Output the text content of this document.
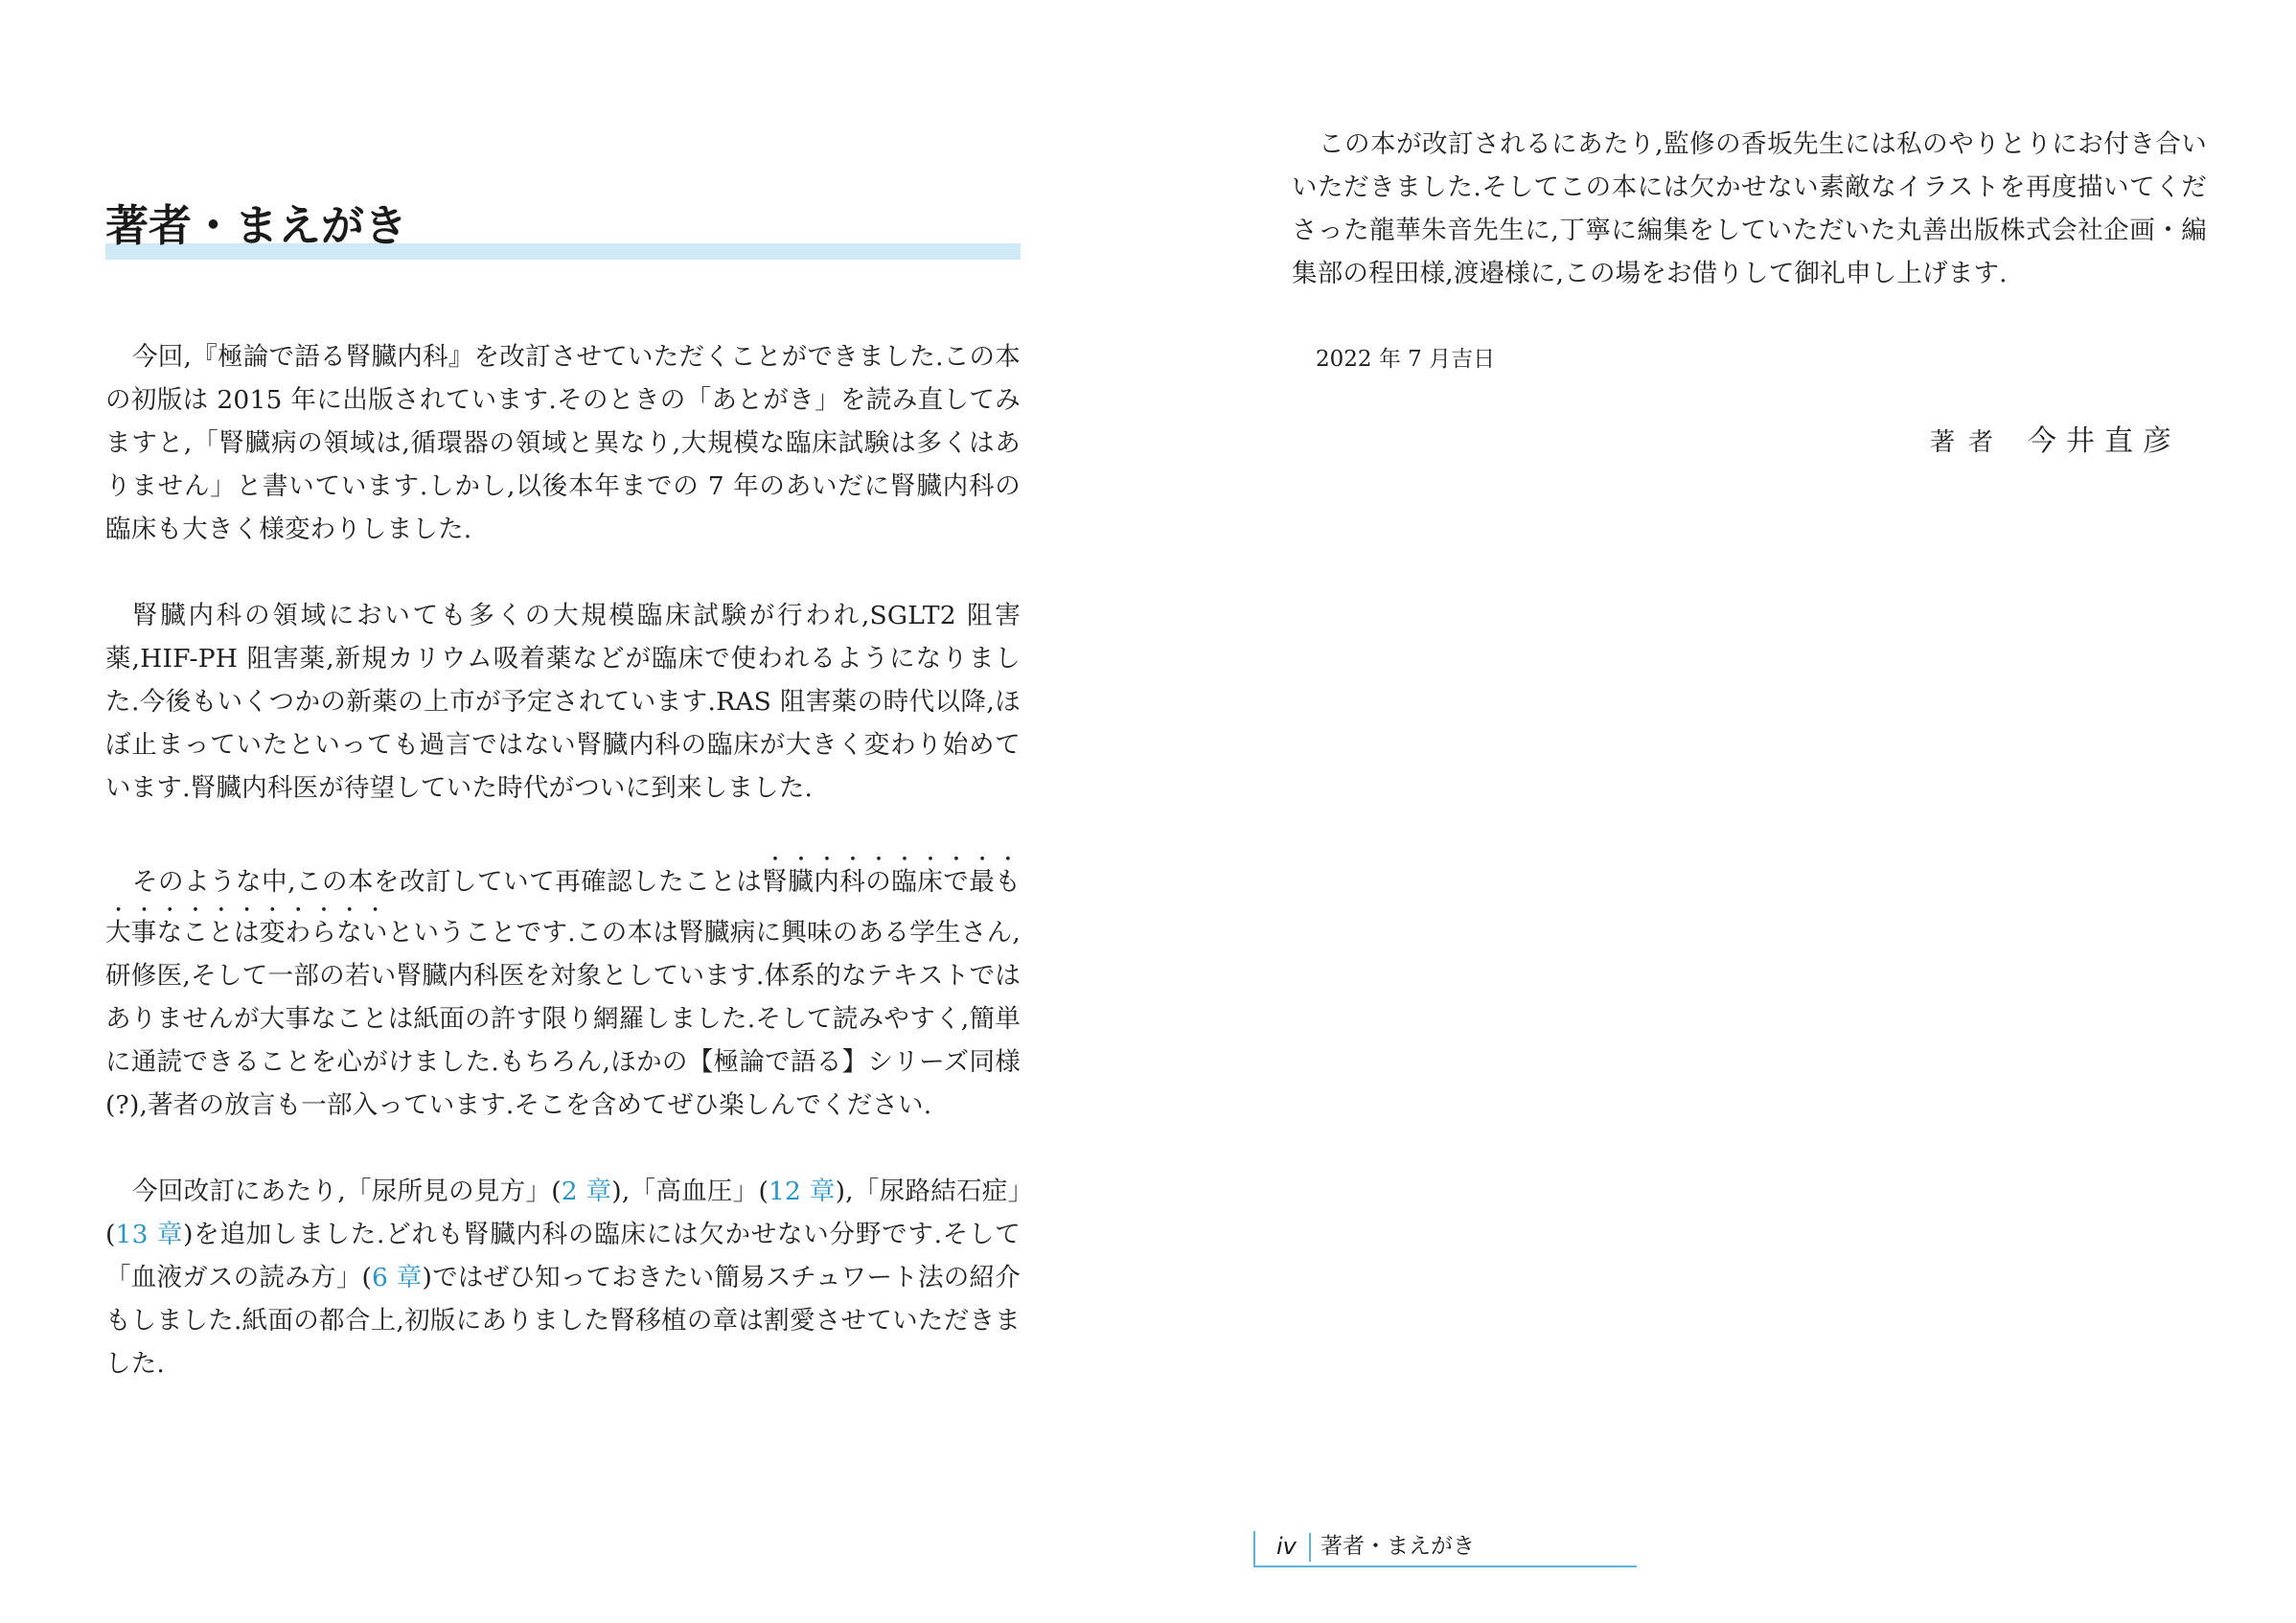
著者・まえがき

今回,『極論で語る腎臓内科』を改訂させていただくことができました.この本の初版は 2015 年に出版されています.そのときの「あとがき」を読み直してみますと,「腎臓病の領域は,循環器の領域と異なり,大規模な臨床試験は多くはありません」と書いています.しかし,以後本年までの 7 年のあいだに腎臓内科の臨床も大きく様変わりしました.

腎臓内科の領域においても多くの大規模臨床試験が行われ,SGLT2 阻害薬,HIF-PH 阻害薬,新規カリウム吸着薬などが臨床で使われるようになりました.今後もいくつかの新薬の上市が予定されています.RAS 阻害薬の時代以降,ほぼ止まっていたといっても過言ではない腎臓内科の臨床が大きく変わり始めています.腎臓内科医が待望していた時代がついに到来しました.

そのような中,この本を改訂していて再確認したことは腎臓内科の臨床で最も大事なことは変わらないということです.この本は腎臓病に興味のある学生さん,研修医,そして一部の若い腎臓内科医を対象としています.体系的なテキストではありませんが大事なことは紙面の許す限り網羅しました.そして読みやすく,簡単に通読できることを心がけました.もちろん,ほかの【極論で語る】シリーズ同様(?),著者の放言も一部入っています.そこを含めてぜひ楽しんでください.

今回改訂にあたり,「尿所見の見方」(2 章),「高血圧」(12 章),「尿路結石症」(13 章)を追加しました.どれも腎臓内科の臨床には欠かせない分野です.そして「血液ガスの読み方」(6 章)ではぜひ知っておきたい簡易スチュワート法の紹介もしました.紙面の都合上,初版にありました腎移植の章は割愛させていただきました.

この本が改訂されるにあたり,監修の香坂先生には私のやりとりにお付き合いいただきました.そしてこの本には欠かせない素敵なイラストを再度描いてくださった龍華朱音先生に,丁寧に編集をしていただいた丸善出版株式会社企画・編集部の程田様,渡邉様に,この場をお借りして御礼申し上げます.

2022 年 7 月吉日

著者 今井直彦

iv 著者・まえがき
